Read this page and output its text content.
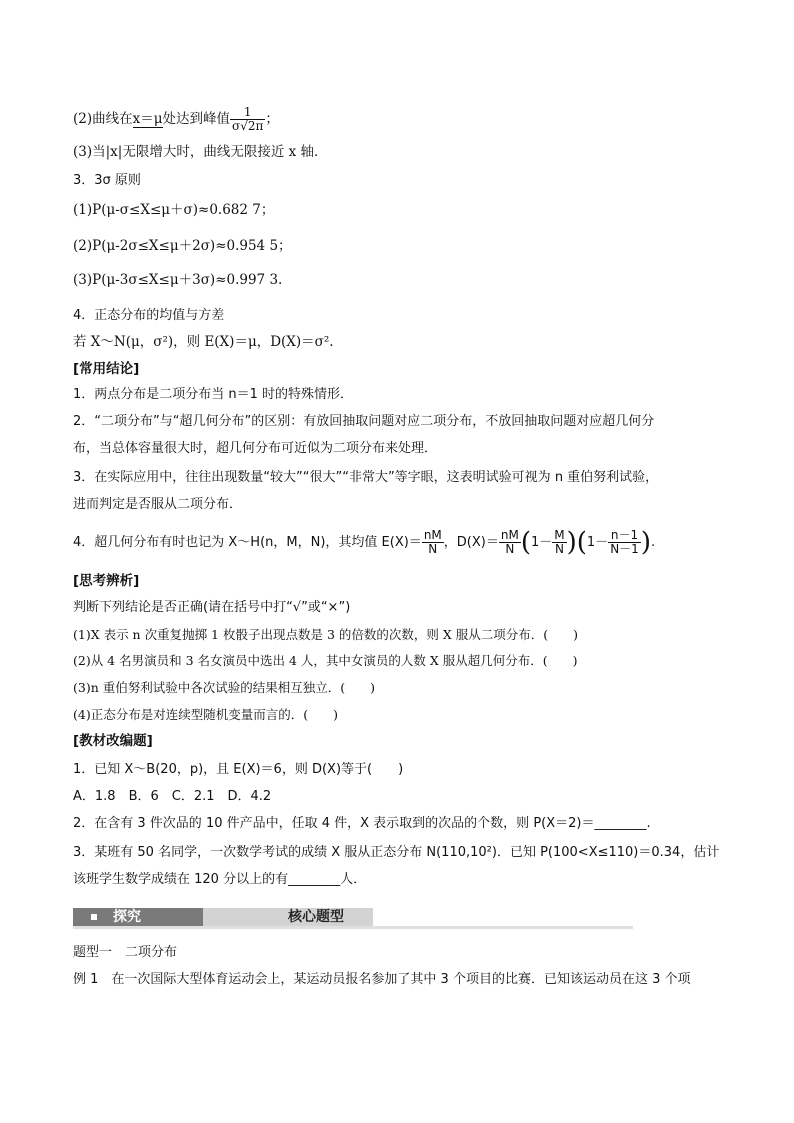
(2)曲线在x＝μ处达到峰值 $\frac{1}{\sigma√2\pi}$ ；
(3)当|x|无限增大时，曲线无限接近 x 轴．
3．3σ 原则
(1)P(μ-σ≤X≤μ＋σ)≈0.682 7；
(2)P(μ-2σ≤X≤μ＋2σ)≈0.954 5；
(3)P(μ-3σ≤X≤μ＋3σ)≈0.997 3.
4．正态分布的均值与方差
若 X～N(μ，σ²)，则 E(X)＝μ，D(X)＝σ².
[常用结论]
1．两点分布是二项分布当 n＝1 时的特殊情形．
2．“二项分布”与“超几何分布”的区别：有放回抽取问题对应二项分布，不放回抽取问题对应超几何分
布，当总体容量很大时，超几何分布可近似为二项分布来处理．
3．在实际应用中，往往出现数量“较大”“很大”“非常大”等字眼，这表明试验可视为 n 重伯努利试验，
进而判定是否服从二项分布．
4．超几何分布有时也记为 X～H(n，M，N)，其均值 $E(X)= \frac{nM}{N}$ ，$D(X)= \frac{nM}{N} (1- \frac{M}{N} )(1- \frac{n-1}{N-1}$ ).
[思考辨析]
判断下列结论是否正确(请在括号中打“√”或“×”)
(1)X 表示 n 次重复抛掷 1 枚骰子出现点数是 3 的倍数的次数，则 X 服从二项分布．(　　)
(2)从 4 名男演员和 3 名女演员中选出 4 人，其中女演员的人数 X 服从超几何分布．(　　)
(3)n 重伯努利试验中各次试验的结果相互独立．(　　)
(4)正态分布是对连续型随机变量而言的．(　　)
[教材改编题]
1．已知 X～B(20，p)，且 E(X)＝6，则 D(X)等于(　　)
A．1.8　B．6　C．2.1　D．4.2
2．在含有 3 件次品的 10 件产品中，任取 4 件，X 表示取到的次品的个数，则 P(X＝2)＝________.
3．某班有 50 名同学，一次数学考试的成绩 X 服从正态分布 N(110,10²)．已知 P(100<X≤110)＝0.34，估计
该班学生数学成绩在 120 分以上的有________人．
探究	核心题型
题型一　二项分布
例 1　在一次国际大型体育运动会上，某运动员报名参加了其中 3 个项目的比赛．已知该运动员在这 3 个项
